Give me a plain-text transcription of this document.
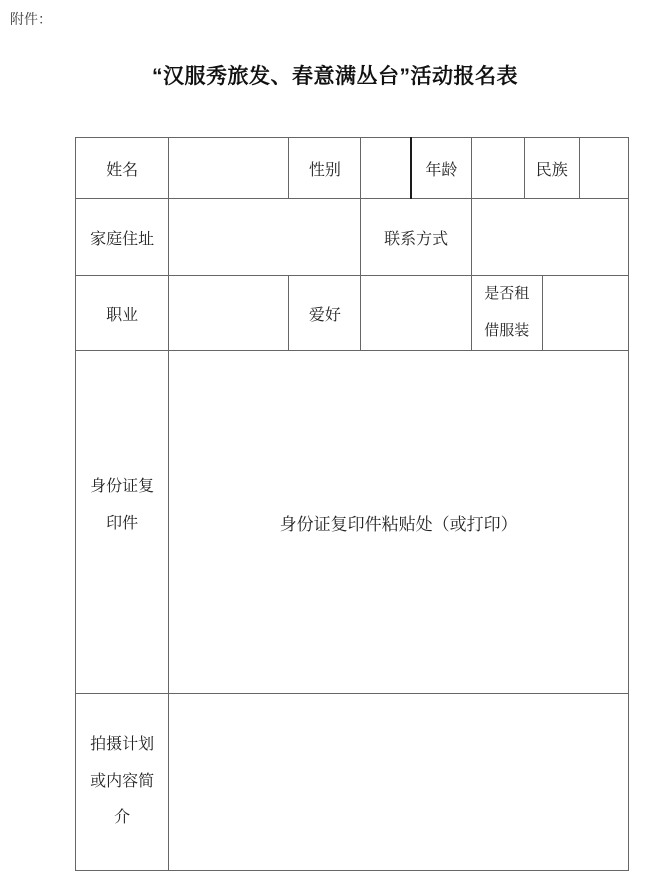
附件：
“汉服秀旅发、春意满丛台”活动报名表
姓名		性别		年龄		民族		
家庭住址			联系方式					
职业		爱好			是否租
借服装			

身份证复
印件	身份证复印件粘贴处（或打印）							

拍摄计划
或内容简
介								
